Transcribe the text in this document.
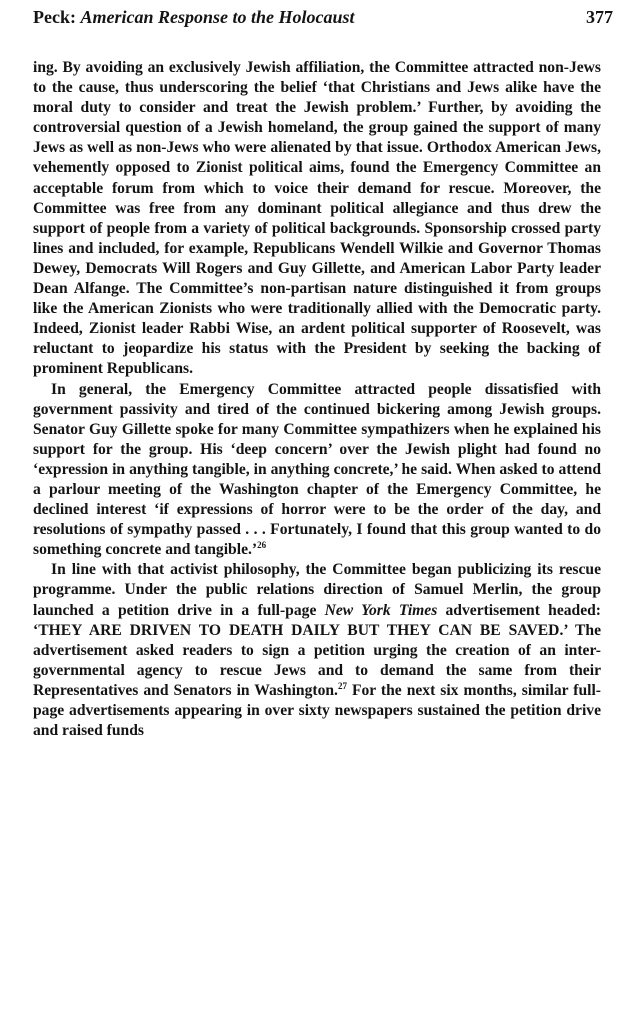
Peck: American Response to the Holocaust	377

ing. By avoiding an exclusively Jewish affiliation, the Committee attracted non-Jews to the cause, thus underscoring the belief ‘that Christians and Jews alike have the moral duty to consider and treat the Jewish problem.’ Further, by avoiding the controversial question of a Jewish homeland, the group gained the support of many Jews as well as non-Jews who were alienated by that issue. Orthodox American Jews, vehemently opposed to Zionist political aims, found the Emergency Committee an acceptable forum from which to voice their demand for rescue. Moreover, the Committee was free from any dominant political allegiance and thus drew the support of people from a variety of political backgrounds. Sponsorship crossed party lines and included, for example, Republicans Wendell Wilkie and Governor Thomas Dewey, Democrats Will Rogers and Guy Gillette, and American Labor Party leader Dean Alfange. The Committee’s non-partisan nature distinguished it from groups like the American Zionists who were traditionally allied with the Democratic party. Indeed, Zionist leader Rabbi Wise, an ardent political supporter of Roosevelt, was reluctant to jeopardize his status with the President by seeking the backing of prominent Republicans.

In general, the Emergency Committee attracted people dissatisfied with government passivity and tired of the continued bickering among Jewish groups. Senator Guy Gillette spoke for many Committee sympathizers when he explained his support for the group. His ‘deep concern’ over the Jewish plight had found no ‘expression in anything tangible, in anything concrete,’ he said. When asked to attend a parlour meeting of the Washington chapter of the Emergency Committee, he declined interest ‘if expressions of horror were to be the order of the day, and resolutions of sympathy passed . . . Fortunately, I found that this group wanted to do something concrete and tangible.’$^{26}$

In line with that activist philosophy, the Committee began publicizing its rescue programme. Under the public relations direction of Samuel Merlin, the group launched a petition drive in a full-page New York Times advertisement headed: ‘THEY ARE DRIVEN TO DEATH DAILY BUT THEY CAN BE SAVED.’ The advertisement asked readers to sign a petition urging the creation of an inter-governmental agency to rescue Jews and to demand the same from their Representatives and Senators in Washington.$^{27}$ For the next six months, similar full-page advertisements appearing in over sixty newspapers sustained the petition drive and raised funds
